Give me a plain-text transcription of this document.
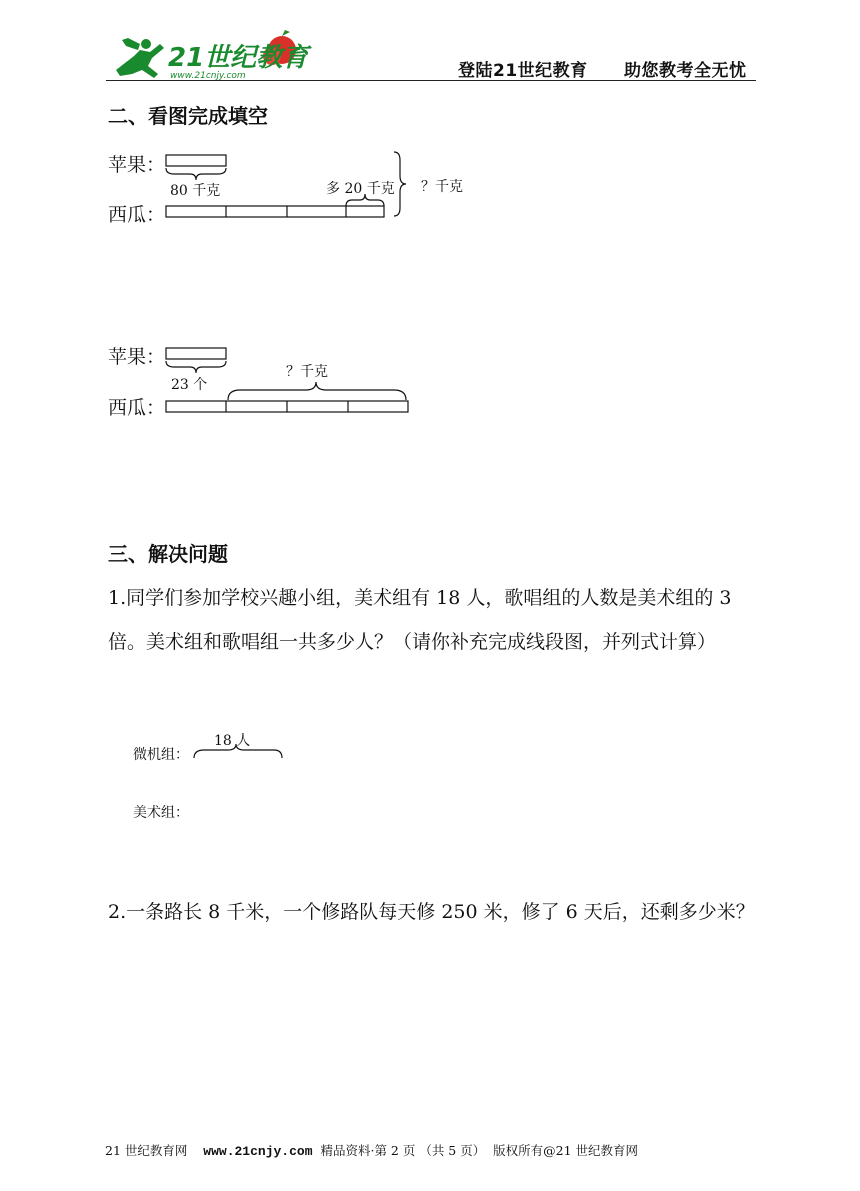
21世纪教育
www.21cnjy.com	登陆21世纪教育 助您教考全无忧
二、看图完成填空
苹果：
西瓜：
80 千克	多 20 千克 ？千克
苹果：
西瓜：
23 个
？千克
三、解决问题
1.同学们参加学校兴趣小组，美术组有 18 人，歌唱组的人数是美术组的 3 倍。美术组和歌唱组一共多少人？（请你补充完成线段图，并列式计算）
微机组：
18 人
美术组：
2.一条路长 8 千米，一个修路队每天修 250 米，修了 6 天后，还剩多少米？
21 世纪教育网 www.21cnjy.com 精品资料·第 2 页 （共 5 页） 版权所有@21 世纪教育网
